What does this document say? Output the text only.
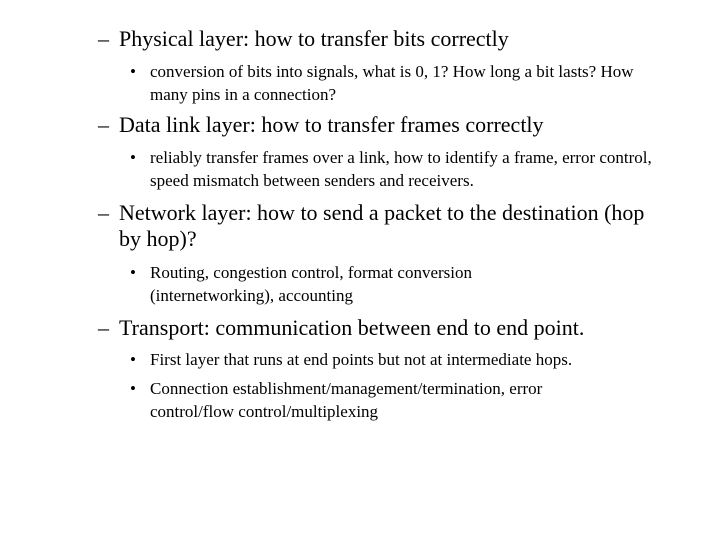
– Physical layer: how to transfer bits correctly
• conversion of bits into signals, what is 0, 1? How long a bit lasts? How many pins in a connection?
– Data link layer: how to transfer frames correctly
• reliably transfer frames over a link, how to identify a frame, error control, speed mismatch between senders and receivers.
– Network layer: how to send a packet to the destination (hop by hop)?
• Routing, congestion control, format conversion (internetworking), accounting
– Transport: communication between end to end point.
• First layer that runs at end points but not at intermediate hops.
• Connection establishment/management/termination, error control/flow control/multiplexing
